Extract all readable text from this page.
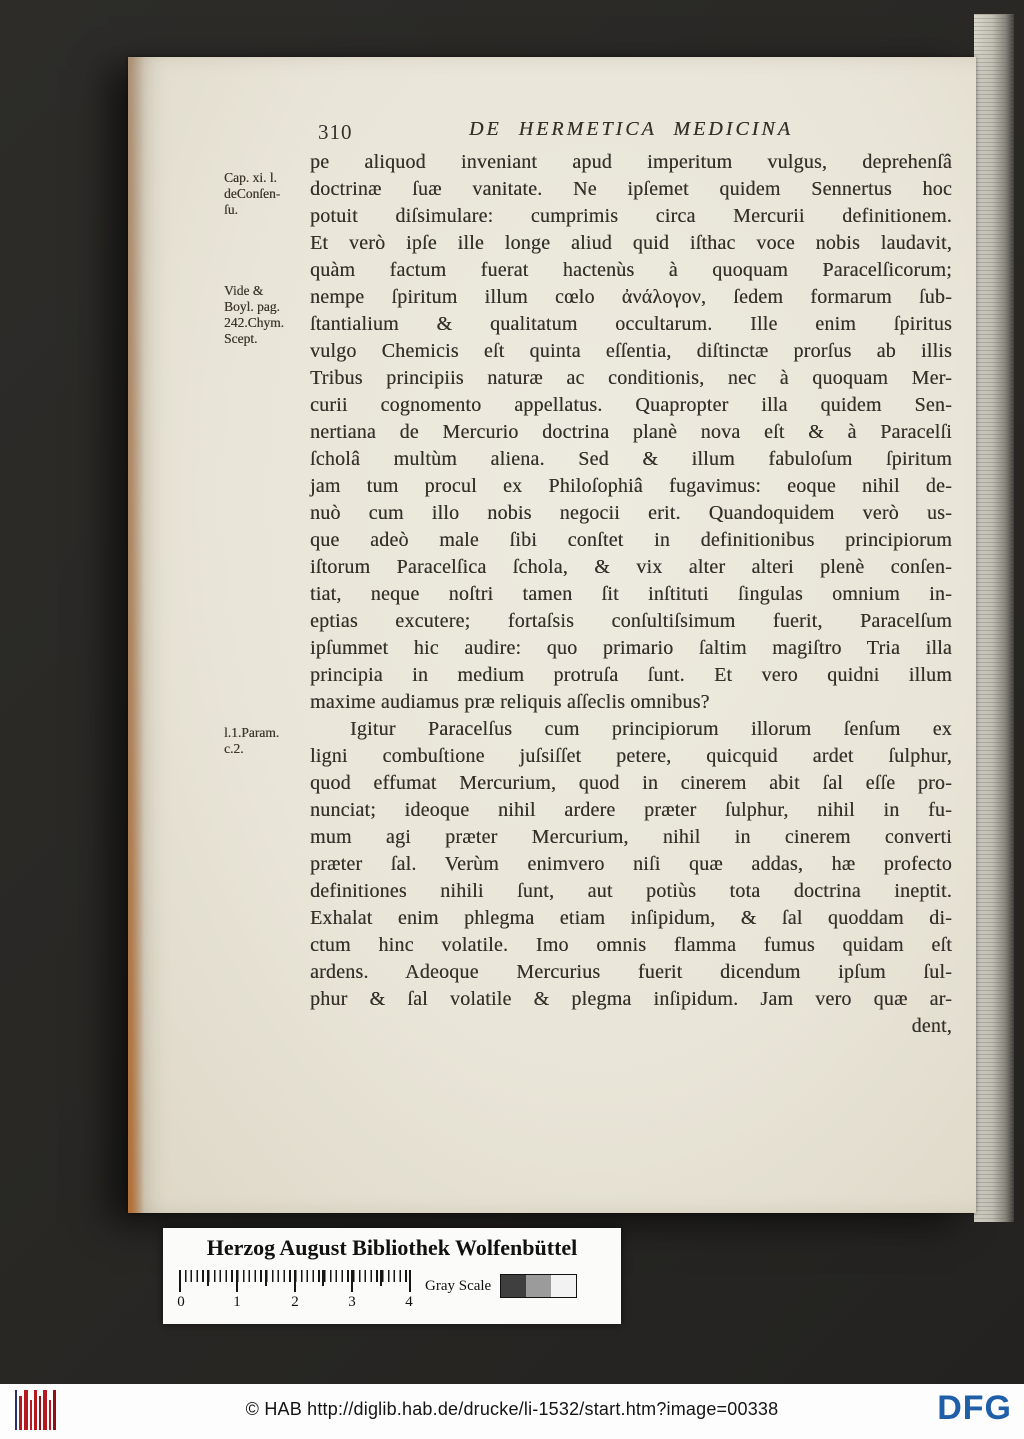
310	DE HERMETICA MEDICINA
Cap. xi. l.
deConſen-
ſu.
Vide &
Boyl. pag.
242.Chym.
Scept.
l.1.Param.
c.2.
pe aliquod inveniant apud imperitum vulgus, deprehenſâ
doctrinæ ſuæ vanitate. Ne ipſemet quidem Sennertus hoc
potuit diſsimulare: cumprimis circa Mercurii definitionem.
Et verò ipſe ille longe aliud quid iſthac voce nobis laudavit,
quàm factum fuerat hactenùs à quoquam Paracelſicorum;
nempe ſpiritum illum cœlo ἀνάλογον, ſedem formarum ſub-
ſtantialium & qualitatum occultarum. Ille enim ſpiritus
vulgo Chemicis eſt quinta eſſentia, diſtinctæ prorſus ab illis
Tribus principiis naturæ ac conditionis, nec à quoquam Mer-
curii cognomento appellatus. Quapropter illa quidem Sen-
nertiana de Mercurio doctrina planè nova eſt & à Paracelſi
ſcholâ multùm aliena. Sed & illum fabuloſum ſpiritum
jam tum procul ex Philoſophiâ fugavimus: eoque nihil de-
nuò cum illo nobis negocii erit. Quandoquidem verò us-
que adeò male ſibi conſtet in definitionibus principiorum
iſtorum Paracelſica ſchola, & vix alter alteri plenè conſen-
tiat, neque noſtri tamen ſit inſtituti ſingulas omnium in-
eptias excutere; fortaſsis conſultiſsimum fuerit, Paracelſum
ipſummet hic audire: quo primario ſaltim magiſtro Tria illa
principia in medium protruſa ſunt. Et vero quidni illum
maxime audiamus præ reliquis aſſeclis omnibus?
Igitur Paracelſus cum principiorum illorum ſenſum ex
ligni combuſtione juſsiſſet petere, quicquid ardet ſulphur,
quod effumat Mercurium, quod in cinerem abit ſal eſſe pro-
nunciat; ideoque nihil ardere præter ſulphur, nihil in fu-
mum agi præter Mercurium, nihil in cinerem converti
præter ſal. Verùm enimvero niſi quæ addas, hæ profecto
definitiones nihili ſunt, aut potiùs tota doctrina ineptit.
Exhalat enim phlegma etiam inſipidum, & ſal quoddam di-
ctum hinc volatile. Imo omnis flamma fumus quidam eſt
ardens. Adeoque Mercurius fuerit dicendum ipſum ſul-
phur & ſal volatile & plegma inſipidum. Jam vero quæ ar-
dent,
Herzog August Bibliothek Wolfenbüttel
0	1	2	3	4
Gray Scale
© HAB http://diglib.hab.de/drucke/li-1532/start.htm?image=00338	DFG
